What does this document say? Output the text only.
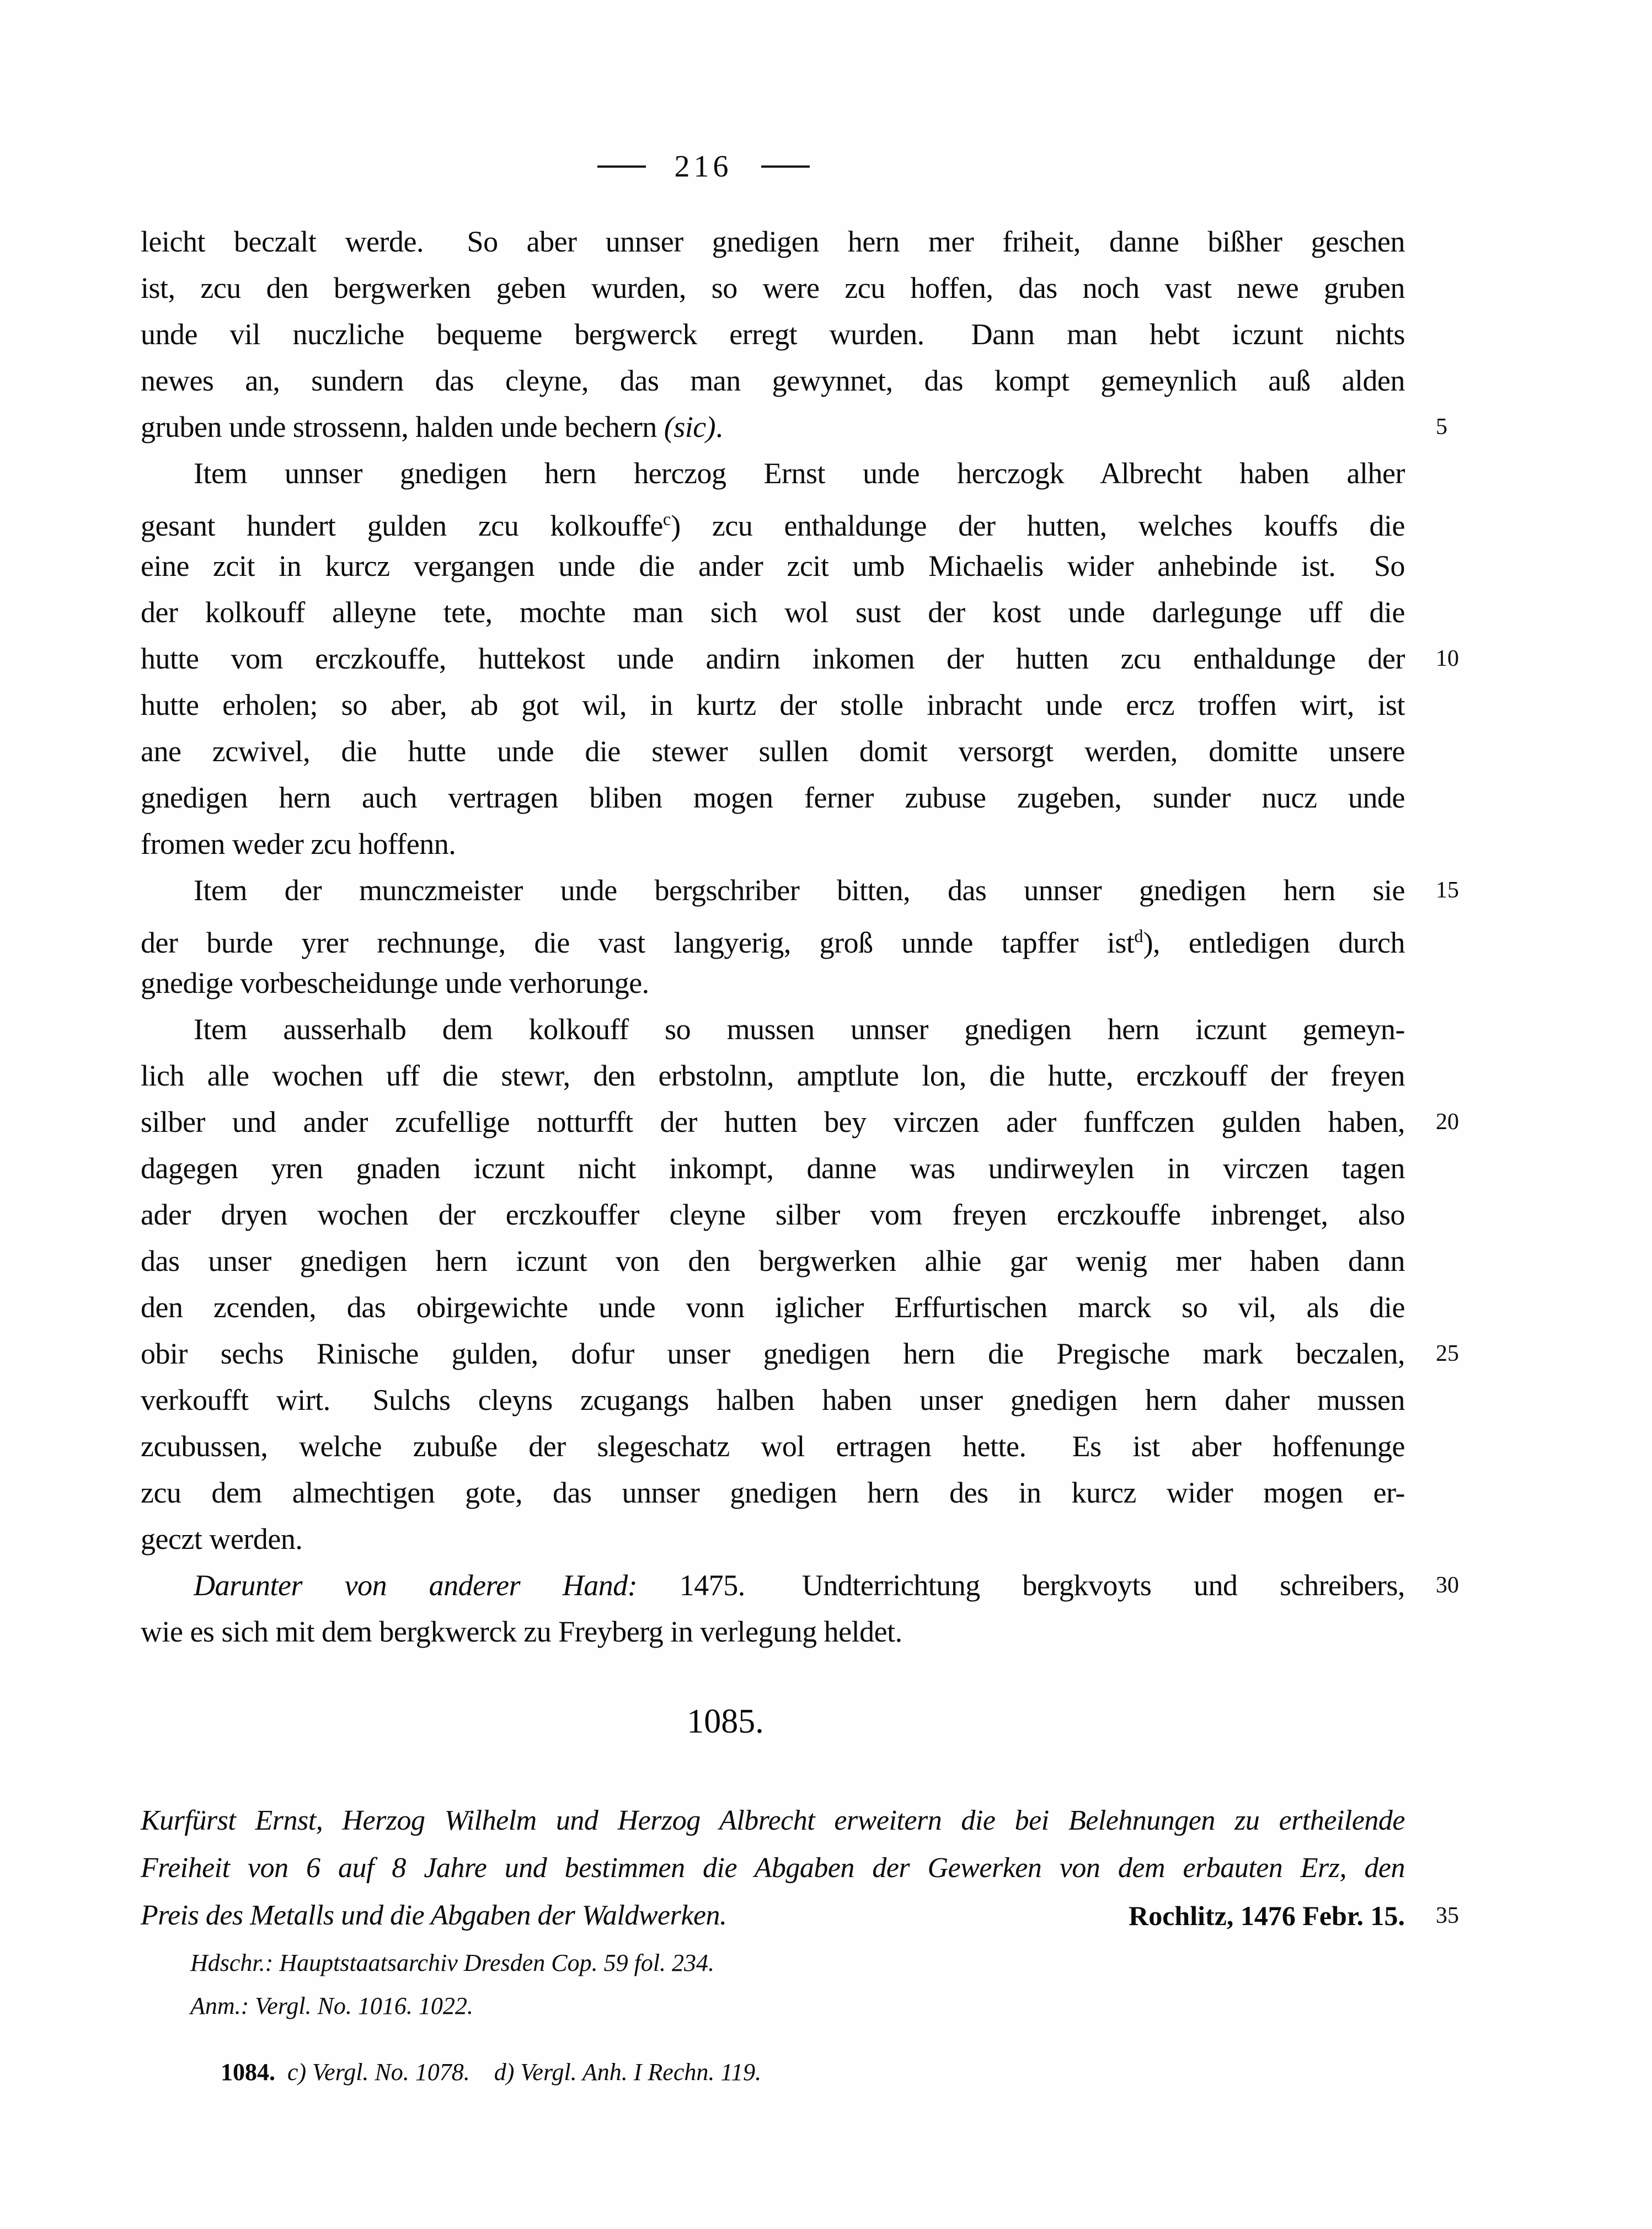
216
leicht beczalt werde.  So aber unnser gnedigen hern mer friheit, danne bißher geschen
ist, zcu den bergwerken geben wurden, so were zcu hoffen, das noch vast newe gruben
unde vil nuczliche bequeme bergwerck erregt wurden.  Dann man hebt iczunt nichts
newes an, sundern das cleyne, das man gewynnet, das kompt gemeynlich auß alden
gruben unde strossenn, halden unde bechern (sic).	5
Item unnser gnedigen hern herczog Ernst unde herczogk Albrecht haben alher
gesant hundert gulden zcu kolkouffe$^c$) zcu enthaldunge der hutten, welches kouffs die
eine zcit in kurcz vergangen unde die ander zcit umb Michaelis wider anhebinde ist.  So
der kolkouff alleyne tete, mochte man sich wol sust der kost unde darlegunge uff die
hutte vom erczkouffe, huttekost unde andirn inkomen der hutten zcu enthaldunge der 10
hutte erholen; so aber, ab got wil, in kurtz der stolle inbracht unde ercz troffen wirt, ist
ane zcwivel, die hutte unde die stewer sullen domit versorgt werden, domitte unsere
gnedigen hern auch vertragen bliben mogen ferner zubuse zugeben, sunder nucz unde
fromen weder zcu hoffenn.
Item der munczmeister unde bergschriber bitten, das unnser gnedigen hern sie 15
der burde yrer rechnunge, die vast langyerig, groß unnde tapffer ist$^d$), entledigen durch
gnedige vorbescheidunge unde verhorunge.
Item ausserhalb dem kolkouff so mussen unnser gnedigen hern iczunt gemeyn-
lich alle wochen uff die stewr, den erbstolnn, amptlute lon, die hutte, erczkouff der freyen
silber und ander zcufellige notturfft der hutten bey virczen ader funffczen gulden haben, 20
dagegen yren gnaden iczunt nicht inkompt, danne was undirweylen in virczen tagen
ader dryen wochen der erczkouffer cleyne silber vom freyen erczkouffe inbrenget, also
das unser gnedigen hern iczunt von den bergwerken alhie gar wenig mer haben dann
den zcenden, das obirgewichte unde vonn iglicher Erffurtischen marck so vil, als die
obir sechs Rinische gulden, dofur unser gnedigen hern die Pregische mark beczalen, 25
verkoufft wirt.  Sulchs cleyns zcugangs halben haben unser gnedigen hern daher mussen
zcubussen, welche zubuße der slegeschatz wol ertragen hette.  Es ist aber hoffenunge
zcu dem almechtigen gote, das unnser gnedigen hern des in kurcz wider mogen er-
geczt werden.
Darunter von anderer Hand: 1475.  Undterrichtung bergkvoyts und schreibers, 30
wie es sich mit dem bergkwerck zu Freyberg in verlegung heldet.
1085.
Kurfürst Ernst, Herzog Wilhelm und Herzog Albrecht erweitern die bei Belehnungen zu ertheilende
Freiheit von 6 auf 8 Jahre und bestimmen die Abgaben der Gewerken von dem erbauten Erz, den
Preis des Metalls und die Abgaben der Waldwerken.	Rochlitz, 1476 Febr. 15. 35
Hdschr.: Hauptstaatsarchiv Dresden Cop. 59 fol. 234.
Anm.: Vergl. No. 1016. 1022.
1084. c) Vergl. No. 1078. d) Vergl. Anh. I Rechn. 119.
